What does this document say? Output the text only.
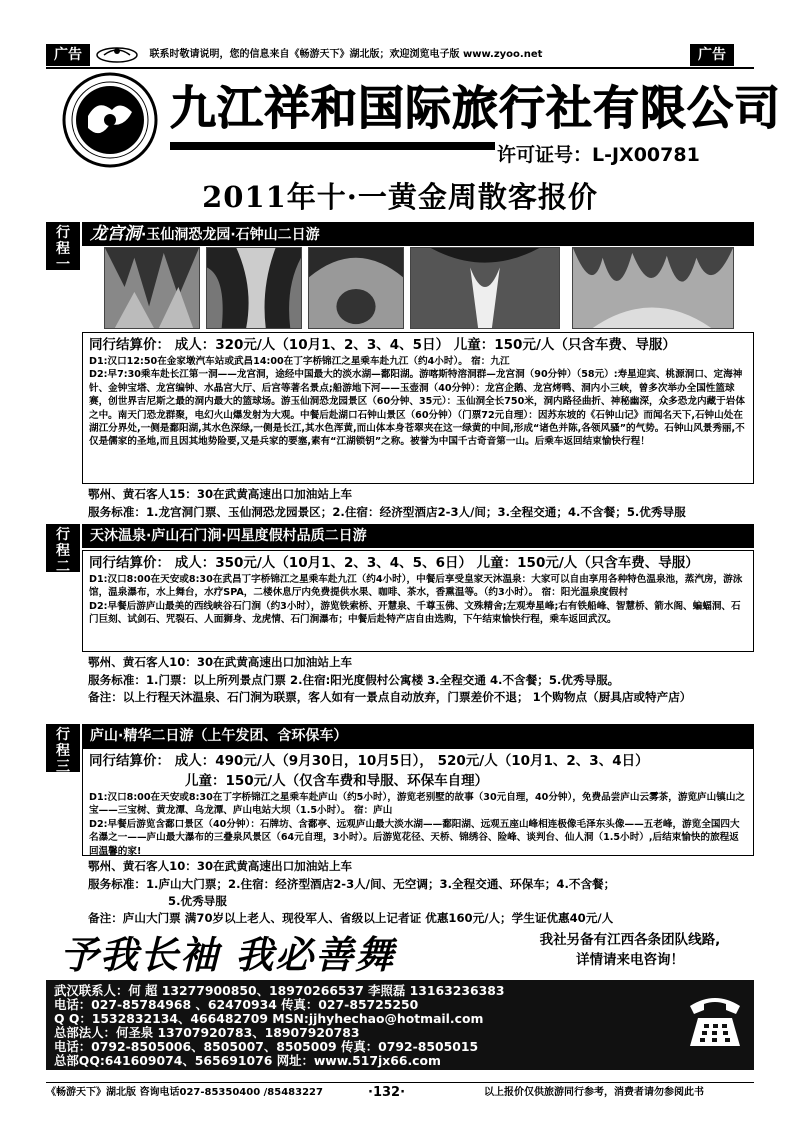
广告	联系时敬请说明，您的信息来自《畅游天下》湖北版；欢迎浏览电子版 www.zyoo.net	广告
九江祥和国际旅行社有限公司
许可证号：L-JX00781
2011年十·一黄金周散客报价
行
程
一
龙宫洞·玉仙洞恐龙园·石钟山二日游
同行结算价： 成人：320元/人（10月1、2、3、4、5日） 儿童：150元/人（只含车费、导服）
D1:汉口12:50在金家墩汽车站或武昌14:00在丁字桥锦江之星乘车赴九江（约4小时）。 宿：九江
D2:早7:30乘车赴长江第一洞——龙宫洞，途经中国最大的淡水湖—鄱阳湖。游喀斯特溶洞群—龙宫洞（90分钟）（58元）:寿星迎宾、桃源洞口、定海神针、金钟宝塔、龙宫编钟、水晶宫大厅、后宫等著名景点;船游地下河——玉壶洞（40分钟）：龙宫企鹅、龙宫烤鸭、洞内小三峡，曾多次举办全国性篮球赛，创世界吉尼斯之最的洞内最大的篮球场。游玉仙洞恐龙园景区（60分钟、35元）：玉仙洞全长750米，洞内路径曲折、神秘幽深，众多恐龙内藏于岩体之中。南天门恐龙群聚，电幻火山爆发射为大观。中餐后赴湖口石钟山景区（60分钟）（门票72元自理）：因苏东坡的《石钟山记》而闻名天下,石钟山处在湖江分界处,一侧是鄱阳湖,其水色深绿,一侧是长江,其水色浑黄,而山体本身苍翠夹在这一绿黄的中间,形成“诸色并陈,各领风骚”的气势。石钟山风景秀丽,不仅是儒家的圣地,而且因其地势险要,又是兵家的要塞,素有“江湖锁钥”之称。被誉为中国千古奇音第一山。后乘车返回结束愉快行程！
鄂州、黄石客人15：30在武黄高速出口加油站上车
服务标准：1.龙宫洞门票、玉仙洞恐龙园景区；2.住宿：经济型酒店2-3人/间；3.全程交通；4.不含餐；5.优秀导服
行
程
二
天沐温泉·庐山石门涧·四星度假村品质二日游
同行结算价： 成人：350元/人（10月1、2、3、4、5、6日） 儿童：150元/人（只含车费、导服）
D1:汉口8:00在天安或8:30在武昌丁字桥锦江之星乘车赴九江（约4小时），中餐后享受皇家天沐温泉：大家可以自由享用各种特色温泉池，蒸汽房，游泳馆，温泉瀑布，水上舞台，水疗SPA，二楼休息厅内免费提供水果、咖啡、茶水，香熏温等。（约3小时）。 宿：阳光温泉度假村
D2:早餐后游庐山最美的西线峡谷石门涧（约3小时），游览铁索桥、开慧泉、千尊玉佛、文殊精舍;左观寿星峰;右有铁船峰、智慧桥、箭水阁、蝙蝠洞、石门巨刻、试剑石、咒裂石、人面狮身、龙虎情、石门涧瀑布；中餐后赴特产店自由选购，下午结束愉快行程，乘车返回武汉。
鄂州、黄石客人10：30在武黄高速出口加油站上车
服务标准：1.门票：以上所列景点门票 2.住宿:阳光度假村公寓楼 3.全程交通 4.不含餐；5.优秀导服。
备注：以上行程天沐温泉、石门涧为联票，客人如有一景点自动放弃，门票差价不退； 1个购物点（厨具店或特产店）
行
程
三
庐山·精华二日游（上午发团、含环保车）
同行结算价： 成人：490元/人（9月30日，10月5日）， 520元/人（10月1、2、3、4日）
儿童：150元/人（仅含车费和导服、环保车自理）
D1:汉口8:00在天安或8:30在丁字桥锦江之星乘车赴庐山（约5小时），游览老别墅的故事（30元自理，40分钟），免费品尝庐山云雾茶，游览庐山镇山之宝——三宝树、黄龙潭、乌龙潭、庐山电站大坝（1.5小时）。 宿：庐山
D2:早餐后游览含鄱口景区（40分钟）：石牌坊、含鄱亭、远观庐山最大淡水湖——鄱阳湖、远观五座山峰相连极像毛泽东头像——五老峰，游览全国四大名瀑之一——庐山最大瀑布的三叠泉风景区（64元自理，3小时）。后游览花径、天桥、锦绣谷、险峰、谈判台、仙人洞（1.5小时）,后结束愉快的旅程返回温馨的家!
鄂州、黄石客人10：30在武黄高速出口加油站上车
服务标准：1.庐山大门票；2.住宿：经济型酒店2-3人/间、无空调；3.全程交通、环保车；4.不含餐；
5.优秀导服
备注：庐山大门票 满70岁以上老人、现役军人、省级以上记者证 优惠160元/人；学生证优惠40元/人
予我长袖 我必善舞	我社另备有江西各条团队线路,
详情请来电咨询！
武汉联系人：何 超 13277900850、18970266537 李照磊 13163236383
电话：027-85784968 、62470934 传真：027-85725250
Q Q：1532832134、466482709 MSN:jjhyhechao@hotmail.com
总部法人：何圣泉 13707920783、18907920783
电话：0792-8505006、8505007、8505009 传真：0792-8505015
总部QQ:641609074、565691076 网址：www.517jx66.com
《畅游天下》湖北版 咨询电话027-85350400 /85483227	·132·	以上报价仅供旅游同行参考，消费者请勿参阅此书
